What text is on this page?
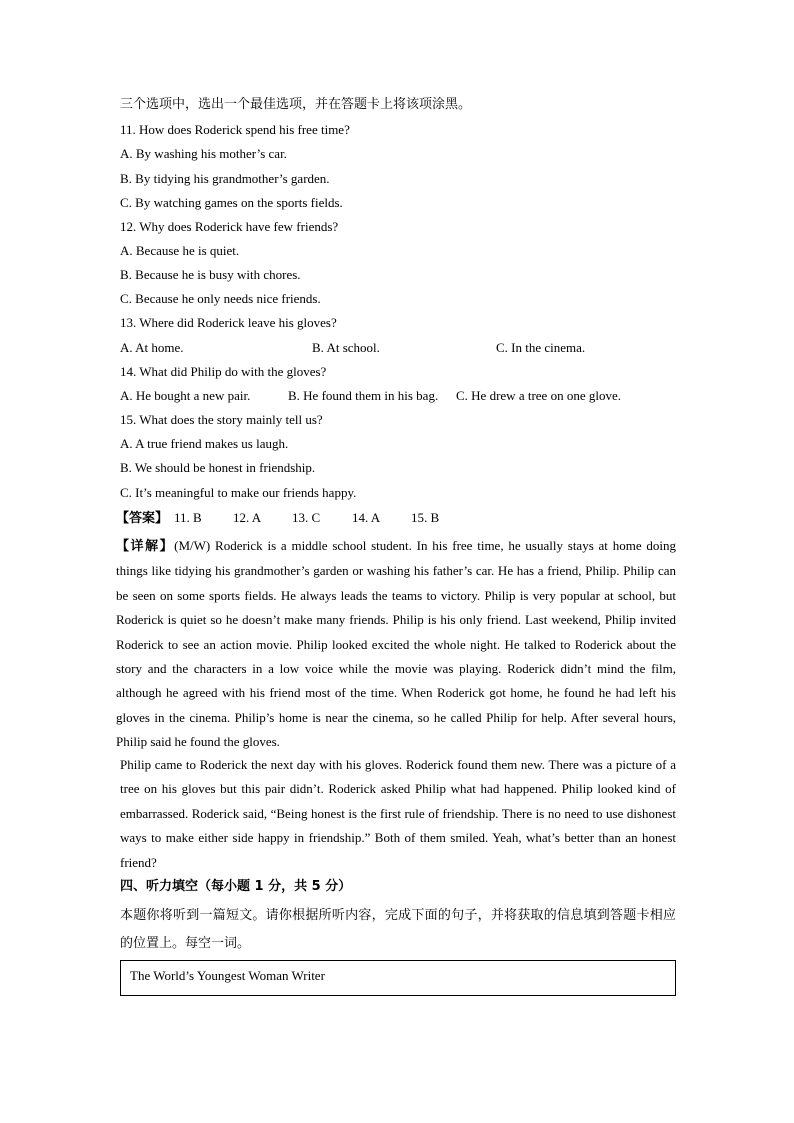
三个选项中，选出一个最佳选项，并在答题卡上将该项涂黑。
11. How does Roderick spend his free time?
A. By washing his mother’s car.
B. By tidying his grandmother’s garden.
C. By watching games on the sports fields.
12. Why does Roderick have few friends?
A. Because he is quiet.
B. Because he is busy with chores.
C. Because he only needs nice friends.
13. Where did Roderick leave his gloves?
A. At home.	B. At school.	C. In the cinema.
14. What did Philip do with the gloves?
A. He bought a new pair.	B. He found them in his bag. C. He drew a tree on one glove.
15. What does the story mainly tell us?
A. A true friend makes us laugh.
B. We should be honest in friendship.
C. It’s meaningful to make our friends happy.
【答案】 11. B 12. A 13. C 14. A 15. B
【详解】(M/W) Roderick is a middle school student. In his free time, he usually stays at home doing things like tidying his grandmother’s garden or washing his father’s car. He has a friend, Philip. Philip can be seen on some sports fields. He always leads the teams to victory. Philip is very popular at school, but Roderick is quiet so he doesn’t make many friends. Philip is his only friend. Last weekend, Philip invited Roderick to see an action movie. Philip looked excited the whole night. He talked to Roderick about the story and the characters in a low voice while the movie was playing. Roderick didn’t mind the film, although he agreed with his friend most of the time. When Roderick got home, he found he had left his gloves in the cinema. Philip’s home is near the cinema, so he called Philip for help. After several hours, Philip said he found the gloves.
Philip came to Roderick the next day with his gloves. Roderick found them new. There was a picture of a tree on his gloves but this pair didn’t. Roderick asked Philip what had happened. Philip looked kind of embarrassed. Roderick said, “Being honest is the first rule of friendship. There is no need to use dishonest ways to make either side happy in friendship.” Both of them smiled. Yeah, what’s better than an honest friend?
四、听力填空（每小题 1 分，共 5 分）
本题你将听到一篇短文。请你根据所听内容，完成下面的句子，并将获取的信息填到答题卡相应的位置上。每空一词。
The World’s Youngest Woman Writer
